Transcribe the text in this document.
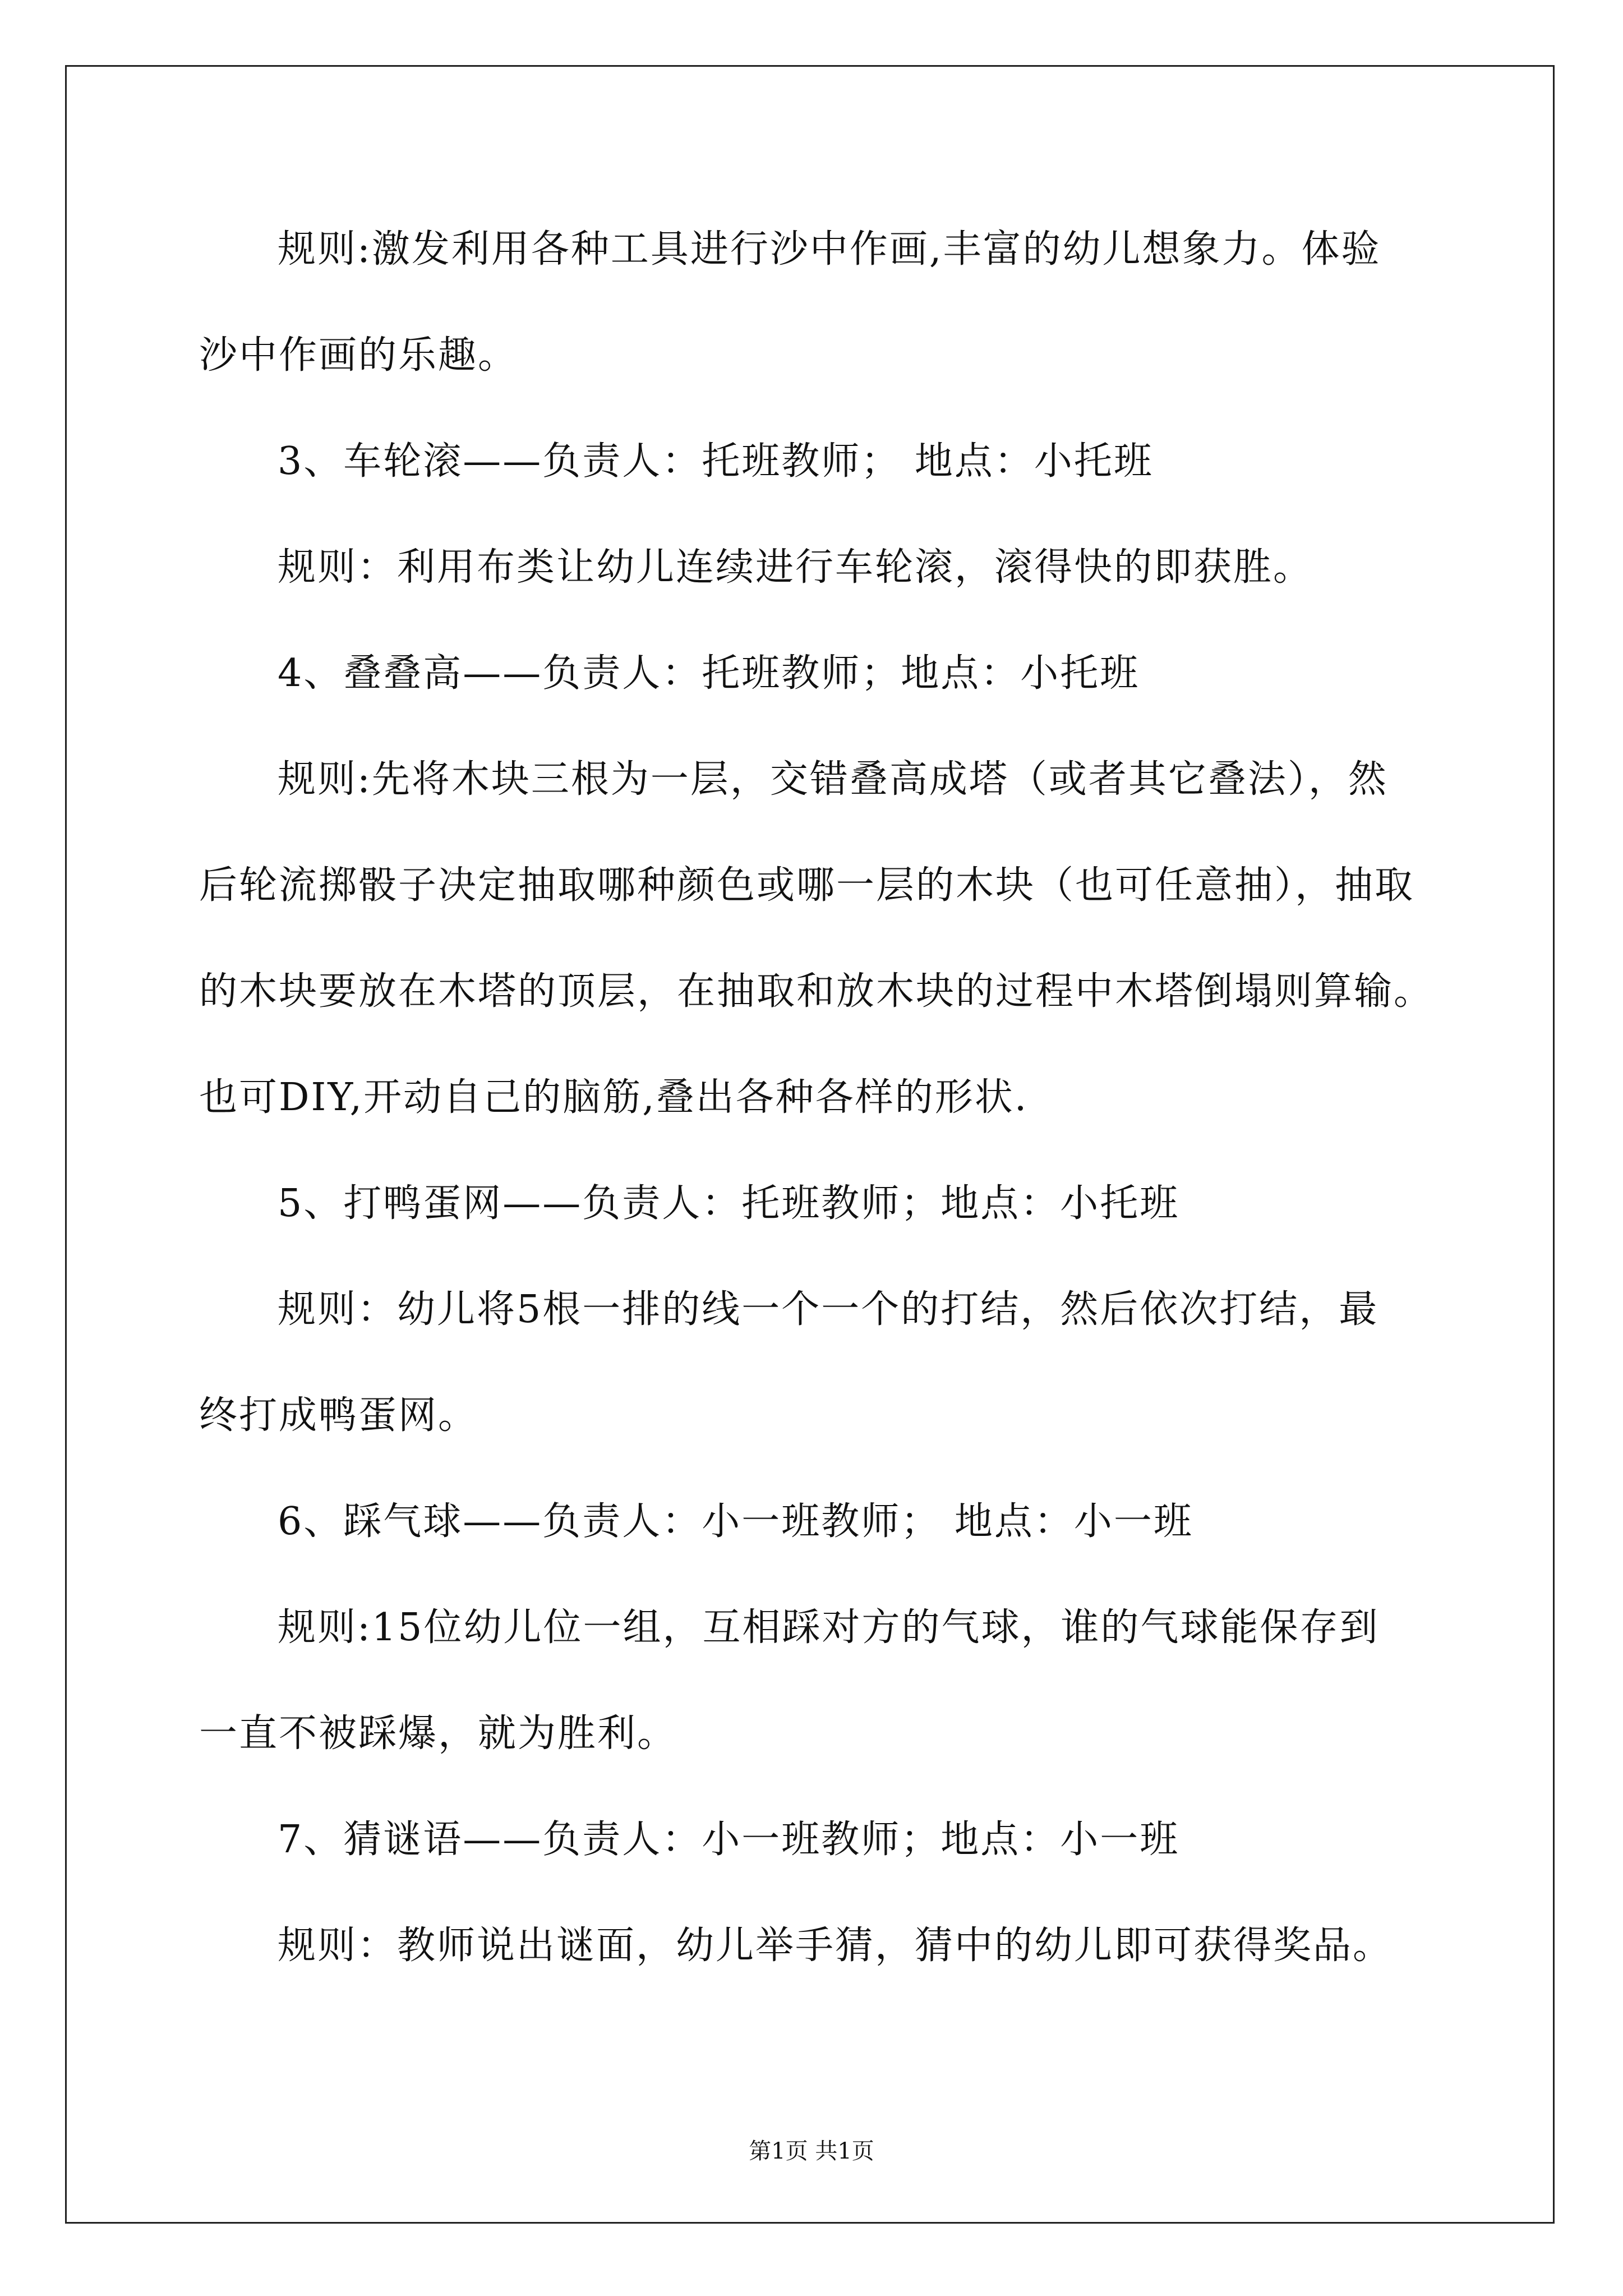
规则:激发利用各种工具进行沙中作画,丰富的幼儿想象力。体验
沙中作画的乐趣。
3、车轮滚——负责人：托班教师； 地点：小托班
规则：利用布类让幼儿连续进行车轮滚，滚得快的即获胜。
4、叠叠高——负责人：托班教师；地点：小托班
规则:先将木块三根为一层，交错叠高成塔（或者其它叠法），然
后轮流掷骰子决定抽取哪种颜色或哪一层的木块（也可任意抽），抽取
的木块要放在木塔的顶层，在抽取和放木块的过程中木塔倒塌则算输。
也可DIY,开动自己的脑筋,叠出各种各样的形状.
5、打鸭蛋网——负责人：托班教师；地点：小托班
规则：幼儿将5根一排的线一个一个的打结，然后依次打结，最
终打成鸭蛋网。
6、踩气球——负责人：小一班教师； 地点：小一班
规则:15位幼儿位一组，互相踩对方的气球，谁的气球能保存到
一直不被踩爆，就为胜利。
7、猜谜语——负责人：小一班教师；地点：小一班
规则：教师说出谜面，幼儿举手猜，猜中的幼儿即可获得奖品。
第1页 共1页
